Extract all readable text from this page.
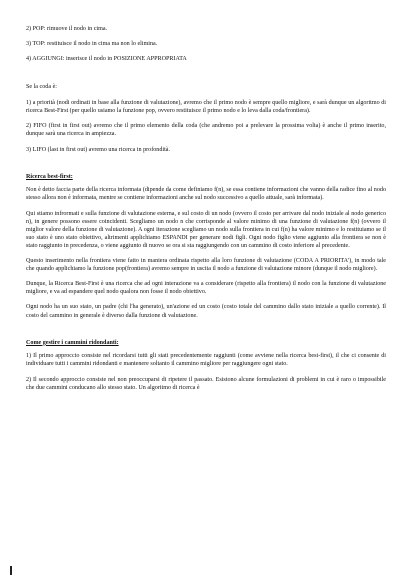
2) POP: rimuove il nodo in cima.
3) TOP: restituisce il nodo in cima ma non lo elimina.
4) AGGIUNGI: inserisce il nodo in POSIZIONE APPROPRIATA

Se la coda è:

1) a priorità (nodi ordinati in base alla funzione di valutazione), avremo che il primo nodo è sempre quello migliore, e sarà dunque un algoritmo di ricerca Best-First (per quello usiamo la funzione pop, ovvero restituisce il primo nodo e lo leva dalla coda/frontiera).

2) FIFO (first in first out) avremo che il primo elemento della coda (che andremo poi a prelevare la prossima volta) è anche il primo inserito, dunque sarà una ricerca in ampiezza.

3) LIFO (last in first out) avremo una ricerca in profondità.

Ricerca best-first:

Non è detto faccia parte della ricerca informata (dipende da come definiamo f(n), se essa contiene informazioni che vanno della radice fino al nodo stesso allora non è informata, mentre se contiene informazioni anche sul nodo successivo a quello attuale, sarà informata).

Qui stiamo infrormati e sulla funzione di valutazione esterna, e sul costo di un nodo (ovvero il costo per arrivare dal nodo iniziale al nodo generico n), in genere possono essere coincidenti. Scegliamo un nodo n che corrisponde al valore minimo di una funzione di valutazione f(n) (ovvero il miglior valore della funzione di valutazione). A ogni iterazione scegliamo un nodo sulla frontiera in cui f(n) ha valore minimo e lo restituiamo se il suo stato è uno stato obiettivo, altrimenti applichiamo ESPANDI per generare nodi figli. Ogni nodo figlio viene aggiunto alla frontiera se non è stato raggiunto in precedenza, o viene aggiunto di nuovo se ora si sta raggiungendo con un cammino di costo inferiore al precedente.

Questo inserimento nella frontiera viene fatto in maniera ordinata rispetto alla loro funzione di valutazione (CODA A PRIORITA'), in modo tale che quando applichiamo la funzione pop(frontiera) avremo sempre in uscita il nodo a funzione di valutazione minore (dunque il nodo migliore).

Dunque, la Ricerca Best-First è una ricerca che ad ogni interazione va a considerare (rispetto alla frontiera) il nodo con la funzione di valutazione migliore, e va ad espandere quel nodo qualora non fosse il nodo obiettivo.

Ogni nodo ha un suo stato, un padre (chi l'ha generato), un'azione ed un costo (costo totale del cammino dallo stato iniziale a quello corrente). Il costo del cammino in generale è diverso dalla funzione di valutazione.

Come gestire i cammini ridondanti:

1) Il primo approccio consiste nel ricordarsi tutti gli stati precedentemente raggiunti (come avviene nella ricerca best-first), il che ci consente di individuare tutti i cammini ridondanti e mantenere soltanto il cammino migliore per raggiungere ogni stato.

2) Il secondo approccio consiste nel non preoccuparsi di ripetere il passato. Esistono alcune formulazioni di problemi in cui è raro o impossibile che due cammini conducano allo stesso stato. Un algoritmo di ricerca è
